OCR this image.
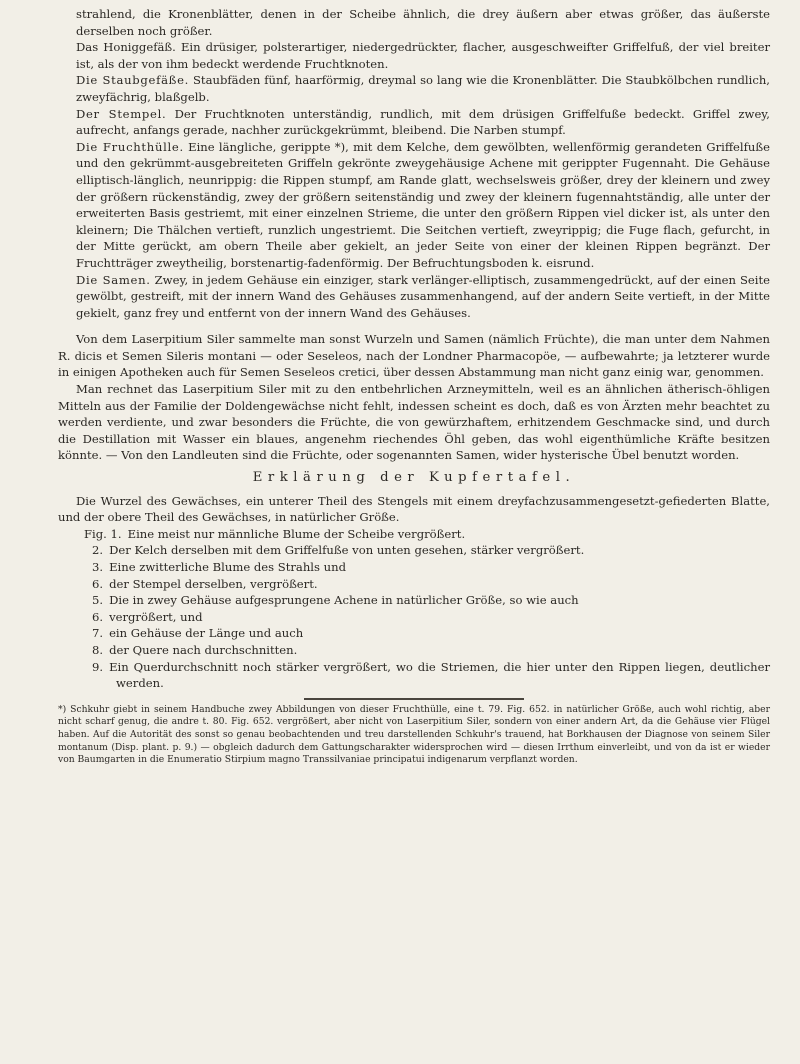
strahlend, die Kronenblätter, denen in der Scheibe ähnlich, die drey äußern aber etwas größer, das äußerste derselben noch größer.

Das Honiggefäß. Ein drüsiger, polsterartiger, niedergedrückter, flacher, ausgeschweifter Griffelfuß, der viel breiter ist, als der von ihm bedeckt werdende Fruchtknoten.

Die Staubgefäße. Staubfäden fünf, haarförmig, dreymal so lang wie die Kronenblätter. Die Staubkölbchen rundlich, zweyfächrig, blaßgelb.

Der Stempel. Der Fruchtknoten unterständig, rundlich, mit dem drüsigen Griffelfuße bedeckt. Griffel zwey, aufrecht, anfangs gerade, nachher zurückgekrümmt, bleibend. Die Narben stumpf.

Die Fruchthülle. Eine längliche, gerippte *), mit dem Kelche, dem gewölbten, wellenförmig gerandeten Griffelfuße und den gekrümmt-ausgebreiteten Griffeln gekrönte zweygehäusige Achene mit gerippter Fugennaht. Die Gehäuse elliptisch-länglich, neunrippig: die Rippen stumpf, am Rande glatt, wechselsweis größer, drey der kleinern und zwey der größern rückenständig, zwey der größern seitenständig und zwey der kleinern fugennahtständig, alle unter der erweiterten Basis gestriemt, mit einer einzelnen Strieme, die unter den größern Rippen viel dicker ist, als unter den kleinern; Die Thälchen vertieft, runzlich ungestriemt. Die Seitchen vertieft, zweyrippig; die Fuge flach, gefurcht, in der Mitte gerückt, am obern Theile aber gekielt, an jeder Seite von einer der kleinen Rippen begränzt. Der Fruchtträger zweytheilig, borstenartig-fadenförmig. Der Befruchtungsboden k. eisrund.

Die Samen. Zwey, in jedem Gehäuse ein einziger, stark verlänger-elliptisch, zusammengedrückt, auf der einen Seite gewölbt, gestreift, mit der innern Wand des Gehäuses zusammenhangend, auf der andern Seite vertieft, in der Mitte gekielt, ganz frey und entfernt von der innern Wand des Gehäuses.

Von dem Laserpitium Siler sammelte man sonst Wurzeln und Samen (nämlich Früchte), die man unter dem Nahmen R. dicis et Semen Sileris montani — oder Seseleos, nach der Londner Pharmacopöe, — aufbewahrte; ja letzterer wurde in einigen Apotheken auch für Semen Seseleos cretici, über dessen Abstammung man nicht ganz einig war, genommen.

Man rechnet das Laserpitium Siler mit zu den entbehrlichen Arzneymitteln, weil es an ähnlichen ätherisch-öhligen Mitteln aus der Familie der Doldengewächse nicht fehlt, indessen scheint es doch, daß es von Ärzten mehr beachtet zu werden verdiente, und zwar besonders die Früchte, die von gewürzhaftem, erhitzendem Geschmacke sind, und durch die Destillation mit Wasser ein blaues, angenehm riechendes Öhl geben, das wohl eigenthümliche Kräfte besitzen könnte. — Von den Landleuten sind die Früchte, oder sogenannten Samen, wider hysterische Übel benutzt worden.

Erklärung der Kupfertafel.

Die Wurzel des Gewächses, ein unterer Theil des Stengels mit einem dreyfachzusammengesetzt-gefiederten Blatte, und der obere Theil des Gewächses, in natürlicher Größe.

Fig. 1. Eine meist nur männliche Blume der Scheibe vergrößert.
2. Der Kelch derselben mit dem Griffelfuße von unten gesehen, stärker vergrößert.
3. Eine zwitterliche Blume des Strahls und
6. der Stempel derselben, vergrößert.
5. Die in zwey Gehäuse aufgesprungene Achene in natürlicher Größe, so wie auch
6. vergrößert, und
7. ein Gehäuse der Länge und auch
8. der Quere nach durchschnitten.
9. Ein Querdurchschnitt noch stärker vergrößert, wo die Striemen, die hier unter den Rippen liegen, deutlicher werden.

*) Schkuhr giebt in seinem Handbuche zwey Abbildungen von dieser Fruchthülle, eine t. 79. Fig. 652. in natürlicher Größe, auch wohl richtig, aber nicht scharf genug, die andre t. 80. Fig. 652. vergrößert, aber nicht von Laserpitium Siler, sondern von einer andern Art, da die Gehäuse vier Flügel haben. Auf die Autorität des sonst so genau beobachtenden und treu darstellenden Schkuhr's trauend, hat Borkhausen der Diagnose von seinem Siler montanum (Disp. plant. p. 9.) — obgleich dadurch dem Gattungscharakter widersprochen wird — diesen Irrthum einverleibt, und von da ist er wieder von Baumgarten in die Enumeratio Stirpium magno Transsilvaniae principatui indigenarum verpflanzt worden.
